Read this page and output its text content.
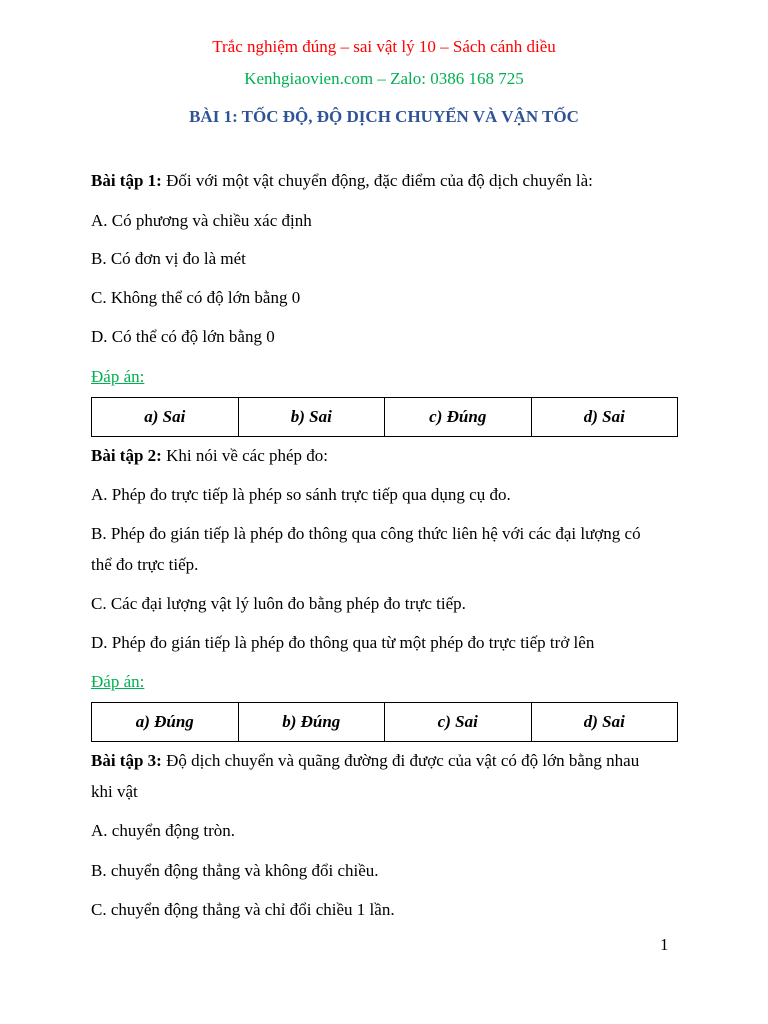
Trắc nghiệm đúng – sai vật lý 10 – Sách cánh diều
Kenhgiaovien.com – Zalo: 0386 168 725
BÀI 1: TỐC ĐỘ, ĐỘ DỊCH CHUYỂN VÀ VẬN TỐC
Bài tập 1: Đối với một vật chuyển động, đặc điểm của độ dịch chuyển là:
A. Có phương và chiều xác định
B. Có đơn vị đo là mét
C. Không thể có độ lớn bằng 0
D. Có thể có độ lớn bằng 0
Đáp án:
a) Sai	b) Sai	c) Đúng	d) Sai
Bài tập 2: Khi nói về các phép đo:
A. Phép đo trực tiếp là phép so sánh trực tiếp qua dụng cụ đo.
B. Phép đo gián tiếp là phép đo thông qua công thức liên hệ với các đại lượng có
thể đo trực tiếp.
C. Các đại lượng vật lý luôn đo bằng phép đo trực tiếp.
D. Phép đo gián tiếp là phép đo thông qua từ một phép đo trực tiếp trở lên
Đáp án:
a) Đúng	b) Đúng	c) Sai	d) Sai
Bài tập 3: Độ dịch chuyển và quãng đường đi được của vật có độ lớn bằng nhau
khi vật
A. chuyển động tròn.
B. chuyển động thẳng và không đổi chiều.
C. chuyển động thẳng và chỉ đổi chiều 1 lần.
1
